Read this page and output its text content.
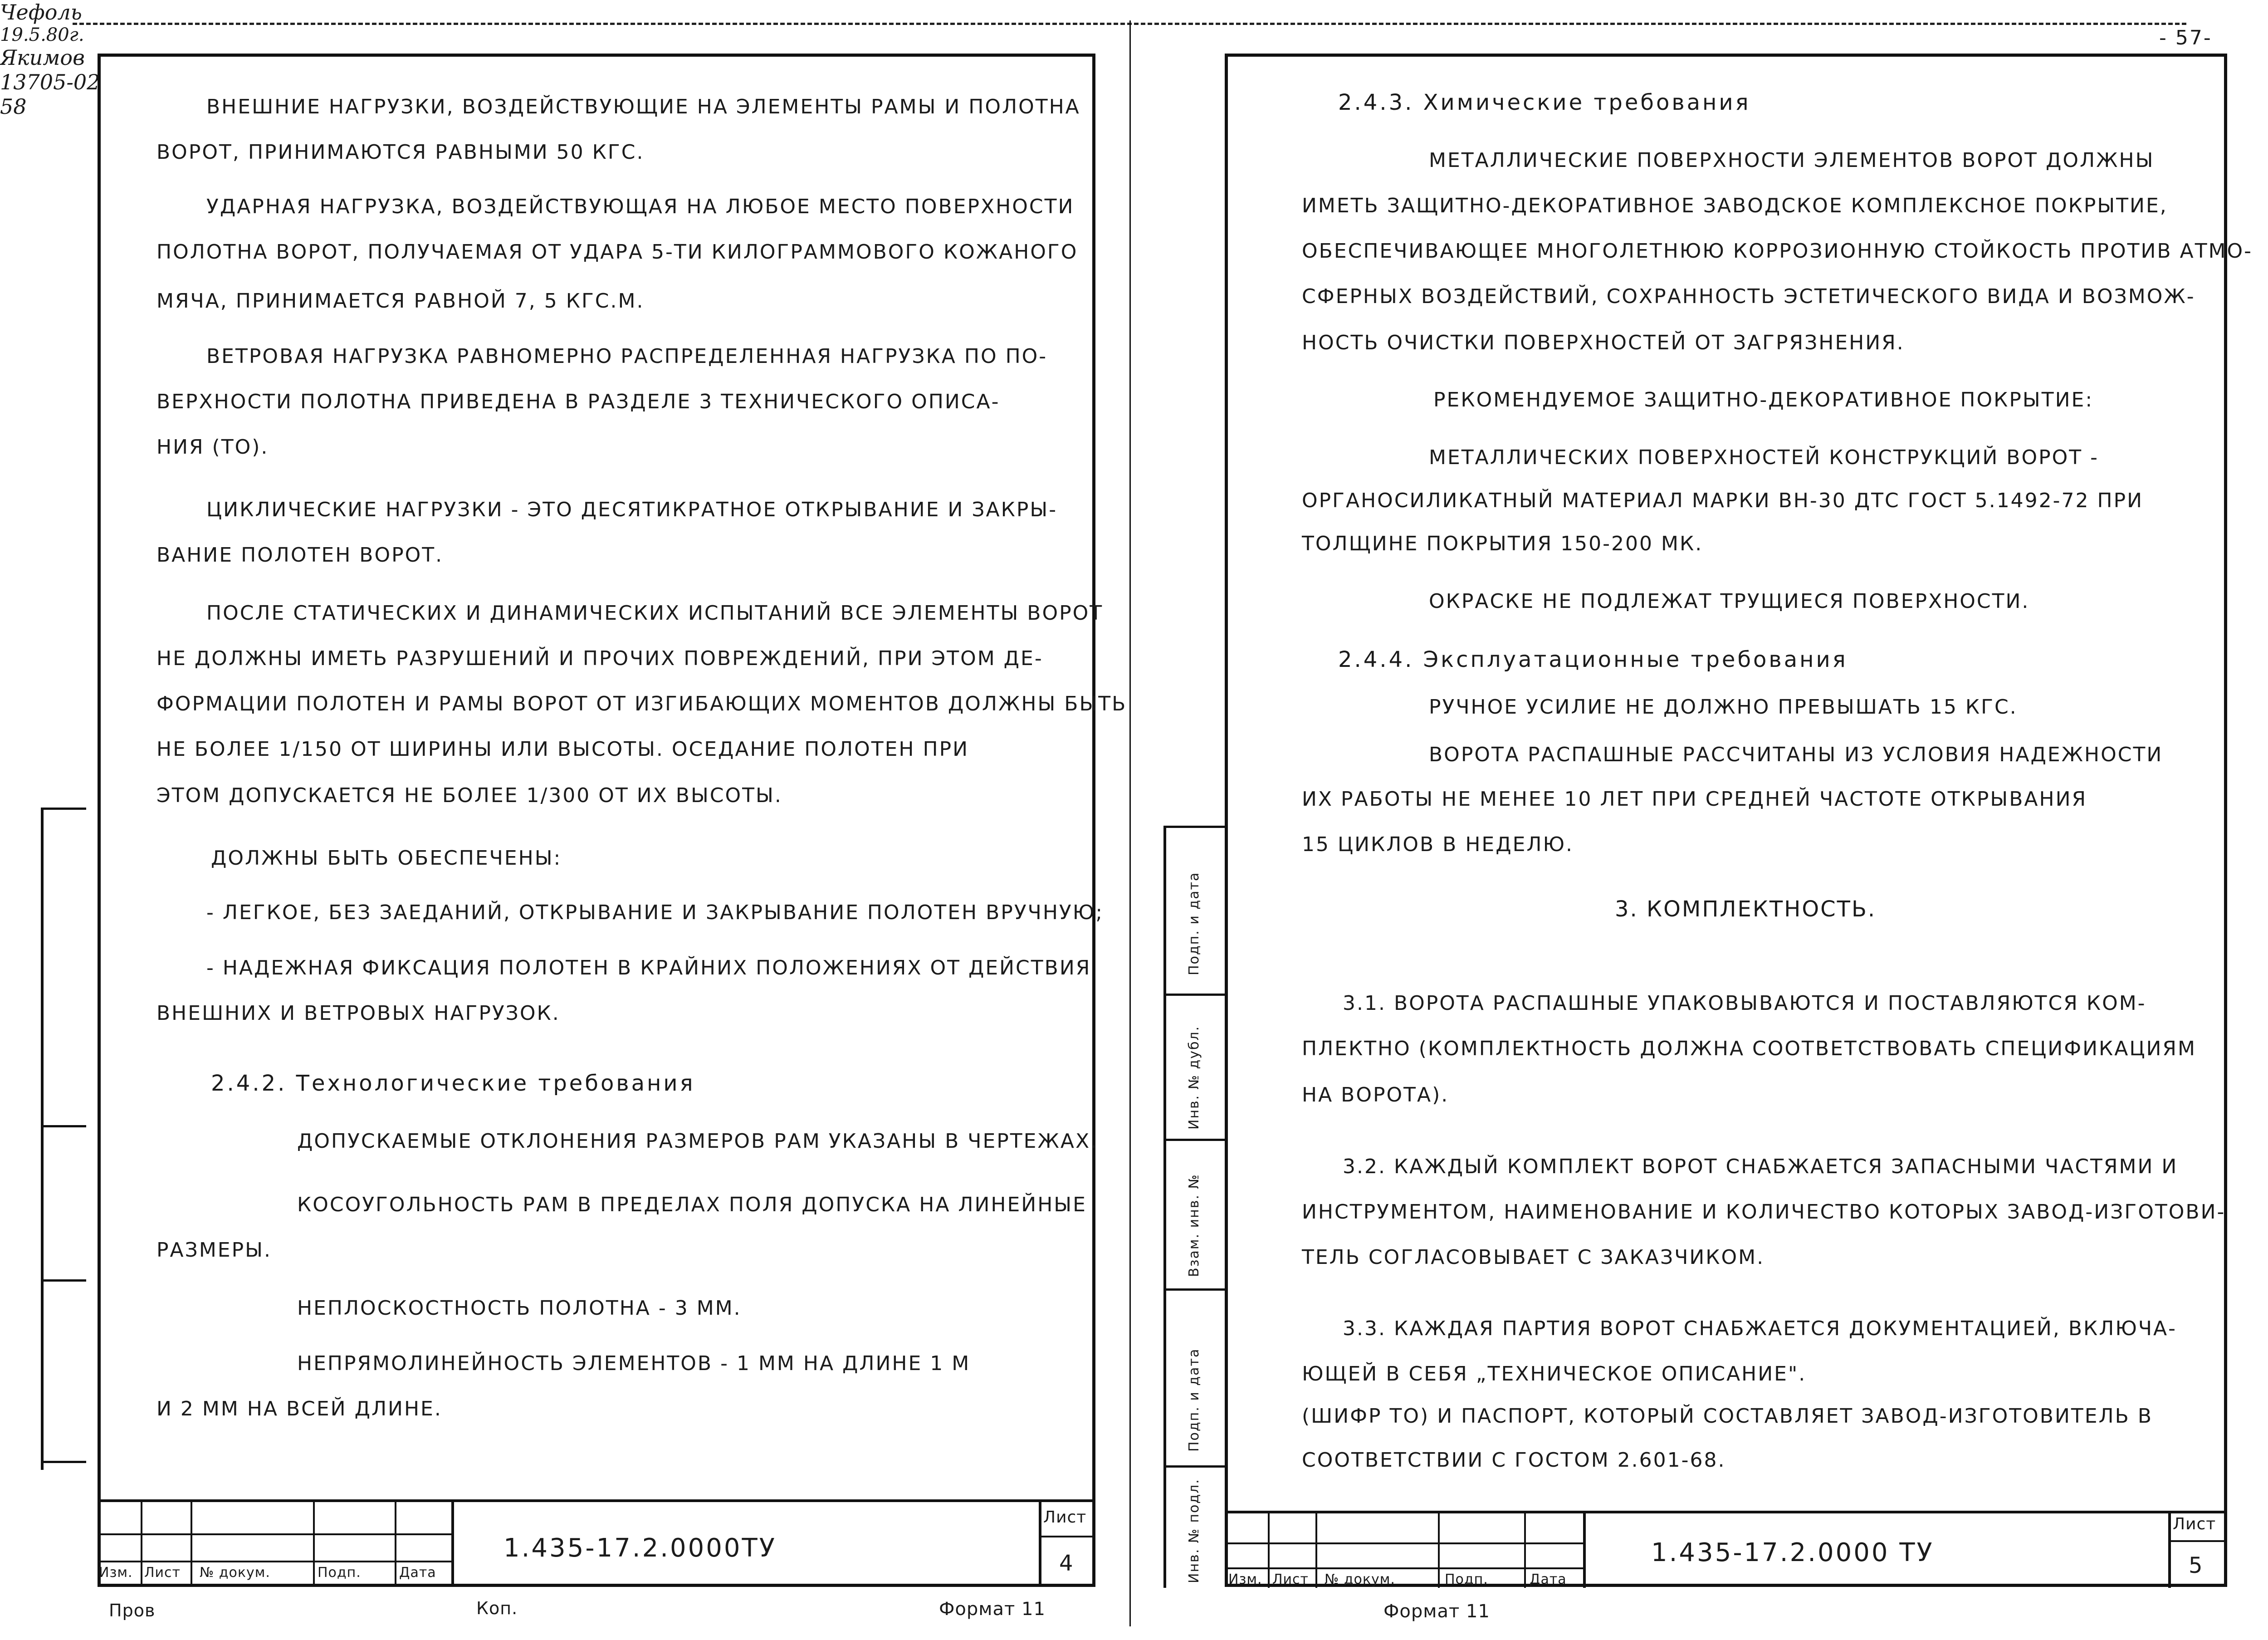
- 57-
ВНЕШНИЕ НАГРУЗКИ, ВОЗДЕЙСТВУЮЩИЕ НА ЭЛЕМЕНТЫ РАМЫ И ПОЛОТНА
ВОРОТ, ПРИНИМАЮТСЯ РАВНЫМИ 50 КГС.
УДАРНАЯ НАГРУЗКА, ВОЗДЕЙСТВУЮЩАЯ НА ЛЮБОЕ МЕСТО ПОВЕРХНОСТИ
ПОЛОТНА ВОРОТ, ПОЛУЧАЕМАЯ ОТ УДАРА 5-ТИ КИЛОГРАММОВОГО КОЖАНОГО
МЯЧА, ПРИНИМАЕТСЯ РАВНОЙ 7, 5 КГС.М.
ВЕТРОВАЯ НАГРУЗКА РАВНОМЕРНО РАСПРЕДЕЛЕННАЯ НАГРУЗКА ПО ПО-
ВЕРХНОСТИ ПОЛОТНА ПРИВЕДЕНА В РАЗДЕЛЕ 3 ТЕХНИЧЕСКОГО ОПИСА-
НИЯ (ТО).
ЦИКЛИЧЕСКИЕ НАГРУЗКИ - ЭТО ДЕСЯТИКРАТНОЕ ОТКРЫВАНИЕ И ЗАКРЫ-
ВАНИЕ ПОЛОТЕН ВОРОТ.
ПОСЛЕ СТАТИЧЕСКИХ И ДИНАМИЧЕСКИХ ИСПЫТАНИЙ ВСЕ ЭЛЕМЕНТЫ ВОРОТ
НЕ ДОЛЖНЫ ИМЕТЬ РАЗРУШЕНИЙ И ПРОЧИХ ПОВРЕЖДЕНИЙ, ПРИ ЭТОМ ДЕ-
ФОРМАЦИИ ПОЛОТЕН И РАМЫ ВОРОТ ОТ ИЗГИБАЮЩИХ МОМЕНТОВ ДОЛЖНЫ БЫТЬ
НЕ БОЛЕЕ 1/150 ОТ ШИРИНЫ ИЛИ ВЫСОТЫ. ОСЕДАНИЕ ПОЛОТЕН ПРИ
ЭТОМ ДОПУСКАЕТСЯ НЕ БОЛЕЕ 1/300 ОТ ИХ ВЫСОТЫ.
ДОЛЖНЫ БЫТЬ ОБЕСПЕЧЕНЫ:
- ЛЕГКОЕ, БЕЗ ЗАЕДАНИЙ, ОТКРЫВАНИЕ И ЗАКРЫВАНИЕ ПОЛОТЕН ВРУЧНУЮ;
- НАДЕЖНАЯ ФИКСАЦИЯ ПОЛОТЕН В КРАЙНИХ ПОЛОЖЕНИЯХ ОТ ДЕЙСТВИЯ
ВНЕШНИХ И ВЕТРОВЫХ НАГРУЗОК.
2.4.2. Технологические требования
ДОПУСКАЕМЫЕ ОТКЛОНЕНИЯ РАЗМЕРОВ РАМ УКАЗАНЫ В ЧЕРТЕЖАХ.
КОСОУГОЛЬНОСТЬ РАМ В ПРЕДЕЛАХ ПОЛЯ ДОПУСКА НА ЛИНЕЙНЫЕ
РАЗМЕРЫ.
НЕПЛОСКОСТНОСТЬ ПОЛОТНА - 3 ММ.
НЕПРЯМОЛИНЕЙНОСТЬ ЭЛЕМЕНТОВ - 1 ММ НА ДЛИНЕ 1 М
И 2 ММ НА ВСЕЙ ДЛИНЕ.
Изм. Лист № докум.	Подп.	Дата
1.435-17.2.0000ТУ
Лист
4
Пров
Чефоль
19.5.80г.
Коп.
Якимов
Формат 11
Подп. и дата
Инв. № дубл.
Взам. инв. №
Подп. и дата
Инв. № подл.
2.4.3. Химические требования
МЕТАЛЛИЧЕСКИЕ ПОВЕРХНОСТИ ЭЛЕМЕНТОВ ВОРОТ ДОЛЖНЫ
ИМЕТЬ ЗАЩИТНО-ДЕКОРАТИВНОЕ ЗАВОДСКОЕ КОМПЛЕКСНОЕ ПОКРЫТИЕ,
ОБЕСПЕЧИВАЮЩЕЕ МНОГОЛЕТНЮЮ КОРРОЗИОННУЮ СТОЙКОСТЬ ПРОТИВ АТМО-
СФЕРНЫХ ВОЗДЕЙСТВИЙ, СОХРАННОСТЬ ЭСТЕТИЧЕСКОГО ВИДА И ВОЗМОЖ-
НОСТЬ ОЧИСТКИ ПОВЕРХНОСТЕЙ ОТ ЗАГРЯЗНЕНИЯ.
РЕКОМЕНДУЕМОЕ ЗАЩИТНО-ДЕКОРАТИВНОЕ ПОКРЫТИЕ:
МЕТАЛЛИЧЕСКИХ ПОВЕРХНОСТЕЙ КОНСТРУКЦИЙ ВОРОТ -
ОРГАНОСИЛИКАТНЫЙ МАТЕРИАЛ МАРКИ ВН-30 ДТС ГОСТ 5.1492-72 ПРИ
ТОЛЩИНЕ ПОКРЫТИЯ 150-200 МК.
ОКРАСКЕ НЕ ПОДЛЕЖАТ ТРУЩИЕСЯ ПОВЕРХНОСТИ.
2.4.4. Эксплуатационные требования
РУЧНОЕ УСИЛИЕ НЕ ДОЛЖНО ПРЕВЫШАТЬ 15 КГС.
ВОРОТА РАСПАШНЫЕ РАССЧИТАНЫ ИЗ УСЛОВИЯ НАДЕЖНОСТИ
ИХ РАБОТЫ НЕ МЕНЕЕ 10 ЛЕТ ПРИ СРЕДНЕЙ ЧАСТОТЕ ОТКРЫВАНИЯ
15 ЦИКЛОВ В НЕДЕЛЮ.
3. КОМПЛЕКТНОСТЬ.
3.1. ВОРОТА РАСПАШНЫЕ УПАКОВЫВАЮТСЯ И ПОСТАВЛЯЮТСЯ КОМ-
ПЛЕКТНО (КОМПЛЕКТНОСТЬ ДОЛЖНА СООТВЕТСТВОВАТЬ СПЕЦИФИКАЦИЯМ
НА ВОРОТА).
3.2. КАЖДЫЙ КОМПЛЕКТ ВОРОТ СНАБЖАЕТСЯ ЗАПАСНЫМИ ЧАСТЯМИ И
ИНСТРУМЕНТОМ, НАИМЕНОВАНИЕ И КОЛИЧЕСТВО КОТОРЫХ ЗАВОД-ИЗГОТОВИ-
ТЕЛЬ СОГЛАСОВЫВАЕТ С ЗАКАЗЧИКОМ.
3.3. КАЖДАЯ ПАРТИЯ ВОРОТ СНАБЖАЕТСЯ ДОКУМЕНТАЦИЕЙ, ВКЛЮЧА-
ЮЩЕЙ В СЕБЯ „ТЕХНИЧЕСКОЕ ОПИСАНИЕ".
(ШИФР ТО) И ПАСПОРТ, КОТОРЫЙ СОСТАВЛЯЕТ ЗАВОД-ИЗГОТОВИТЕЛЬ В
СООТВЕТСТВИИ С ГОСТОМ 2.601-68.
Изм. Лист № докум.	Подп.	Дата
1.435-17.2.0000 ТУ
Лист
5
Формат 11
13705-02
58
